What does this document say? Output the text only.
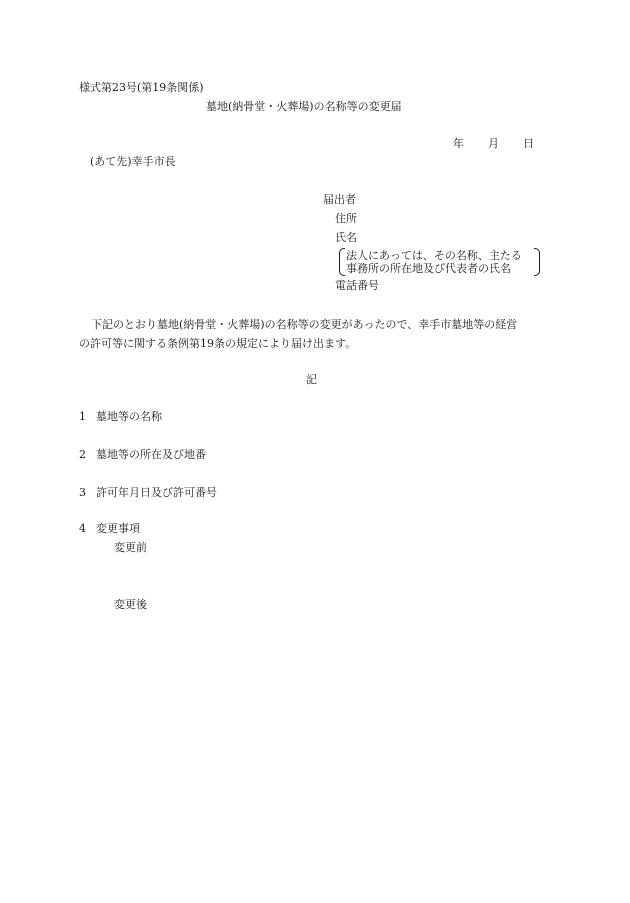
様式第23号(第19条関係)
墓地(納骨堂・火葬場)の名称等の変更届
年 月 日
(あて先)幸手市長
届出者
住所
氏名
法人にあっては、その名称、主たる
事務所の所在地及び代表者の氏名
電話番号
下記のとおり墓地(納骨堂・火葬場)の名称等の変更があったので、幸手市墓地等の経営
の許可等に関する条例第19条の規定により届け出ます。
記
1 墓地等の名称
2 墓地等の所在及び地番
3 許可年月日及び許可番号
4 変更事項
変更前
変更後
